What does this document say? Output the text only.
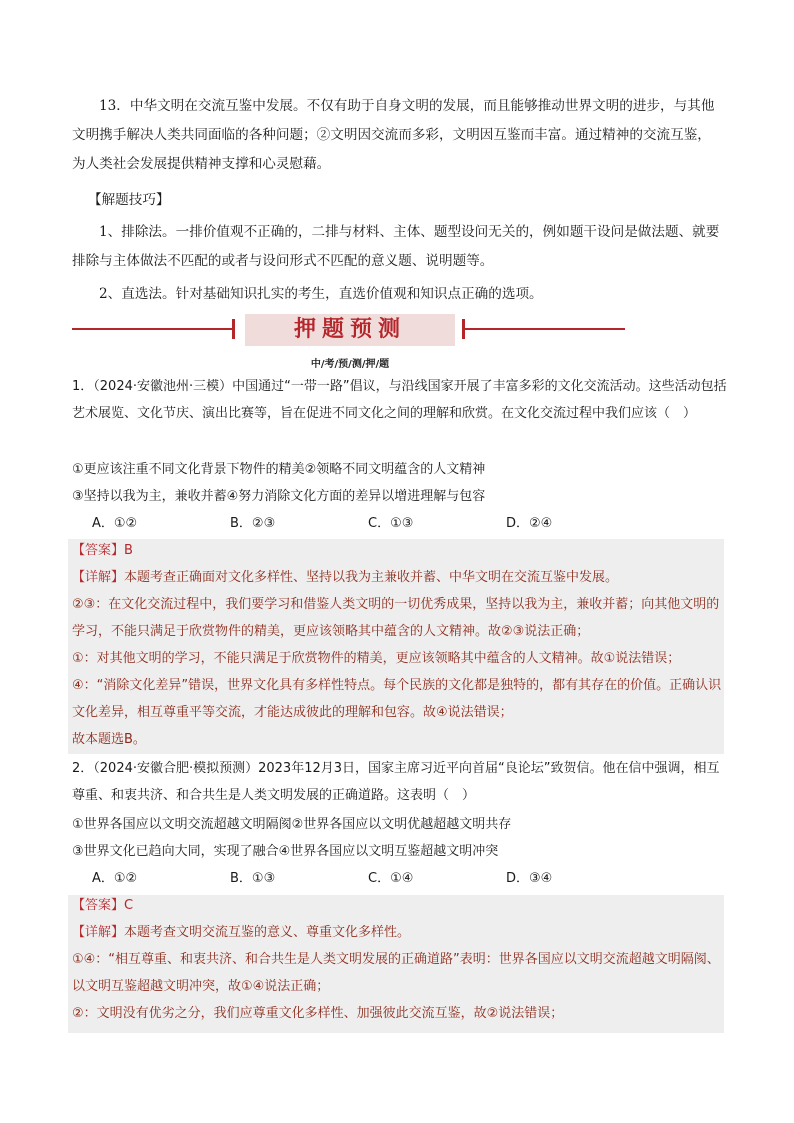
13．中华文明在交流互鉴中发展。不仅有助于自身文明的发展，而且能够推动世界文明的进步，与其他文明携手解决人类共同面临的各种问题；②文明因交流而多彩，文明因互鉴而丰富。通过精神的交流互鉴，为人类社会发展提供精神支撑和心灵慰藉。

【解题技巧】

1、排除法。一排价值观不正确的，二排与材料、主体、题型设问无关的，例如题干设问是做法题、就要排除与主体做法不匹配的或者与设问形式不匹配的意义题、说明题等。

2、直选法。针对基础知识扎实的考生，直选价值观和知识点正确的选项。

押题预测
中/考/预/测/押/题

1．（2024·安徽池州·三模）中国通过“一带一路”倡议，与沿线国家开展了丰富多彩的文化交流活动。这些活动包括艺术展览、文化节庆、演出比赛等，旨在促进不同文化之间的理解和欣赏。在文化交流过程中我们应该（　）

①更应该注重不同文化背景下物件的精美②领略不同文明蕴含的人文精神

③坚持以我为主，兼收并蓄④努力消除文化方面的差异以增进理解与包容

A．①②	B．②③	C．①③	D．②④

【答案】B

【详解】本题考查正确面对文化多样性、坚持以我为主兼收并蓄、中华文明在交流互鉴中发展。

②③：在文化交流过程中，我们要学习和借鉴人类文明的一切优秀成果，坚持以我为主，兼收并蓄；向其他文明的学习，不能只满足于欣赏物件的精美，更应该领略其中蕴含的人文精神。故②③说法正确；

①：对其他文明的学习，不能只满足于欣赏物件的精美，更应该领略其中蕴含的人文精神。故①说法错误；

④：“消除文化差异”错误，世界文化具有多样性特点。每个民族的文化都是独特的，都有其存在的价值。正确认识文化差异，相互尊重平等交流，才能达成彼此的理解和包容。故④说法错误；

故本题选B。

2．（2024·安徽合肥·模拟预测）2023年12月3日，国家主席习近平向首届“良论坛”致贺信。他在信中强调，相互尊重、和衷共济、和合共生是人类文明发展的正确道路。这表明（　）

①世界各国应以文明交流超越文明隔阂②世界各国应以文明优越超越文明共存

③世界文化已趋向大同，实现了融合④世界各国应以文明互鉴超越文明冲突

A．①②	B．①③	C．①④	D．③④

【答案】C

【详解】本题考查文明交流互鉴的意义、尊重文化多样性。

①④：“相互尊重、和衷共济、和合共生是人类文明发展的正确道路”表明：世界各国应以文明交流超越文明隔阂、以文明互鉴超越文明冲突，故①④说法正确；

②：文明没有优劣之分，我们应尊重文化多样性、加强彼此交流互鉴，故②说法错误；
